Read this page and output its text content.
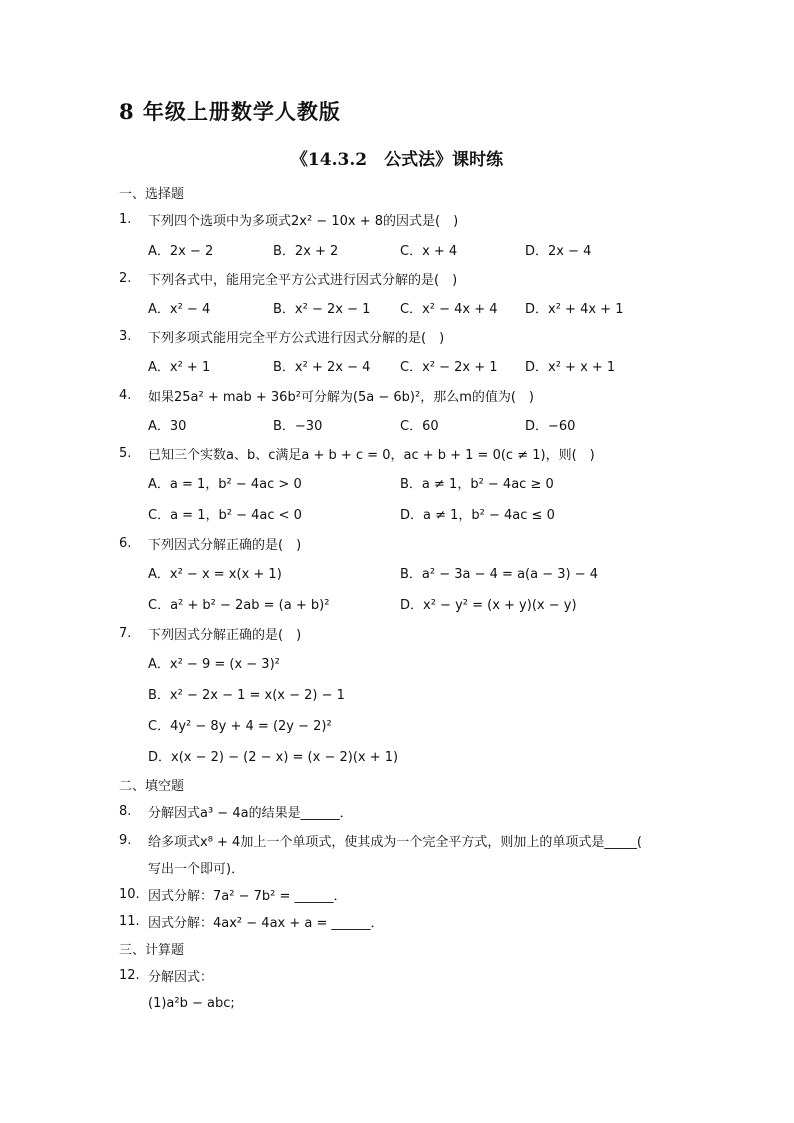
8 年级上册数学人教版
《14.3.2　公式法》课时练
一、选择题
1. 下列四个选项中为多项式2x² − 10x + 8的因式是(　)
A．2x − 2	B．2x + 2	C．x + 4	D．2x − 4
2. 下列各式中，能用完全平方公式进行因式分解的是(　)
A．x² − 4	B．x² − 2x − 1 C．x² − 4x + 4 D．x² + 4x + 1
3. 下列多项式能用完全平方公式进行因式分解的是(　)
A．x² + 1	B．x² + 2x − 4 C．x² − 2x + 1 D．x² + x + 1
4. 如果25a² + mab + 36b²可分解为(5a − 6b)²，那么m的值为(　)
A．30	B．−30	C．60	D．−60
5. 已知三个实数a、b、c满足a + b + c = 0，ac + b + 1 = 0(c ≠ 1)，则(　)
A．a = 1，b² − 4ac > 0	B．a ≠ 1，b² − 4ac ≥ 0
C．a = 1，b² − 4ac < 0	D．a ≠ 1，b² − 4ac ≤ 0
6. 下列因式分解正确的是(　)
A．x² − x = x(x + 1)	B．a² − 3a − 4 = a(a − 3) − 4
C．a² + b² − 2ab = (a + b)²	D．x² − y² = (x + y)(x − y)
7. 下列因式分解正确的是(　)
A．x² − 9 = (x − 3)²
B．x² − 2x − 1 = x(x − 2) − 1
C．4y² − 8y + 4 = (2y − 2)²
D．x(x − 2) − (2 − x) = (x − 2)(x + 1)
二、填空题
8. 分解因式a³ − 4a的结果是______．
9. 给多项式x⁸ + 4加上一个单项式，使其成为一个完全平方式，则加上的单项式是_____(
写出一个即可)．
10. 因式分解：7a² − 7b² = ______．
11. 因式分解：4ax² − 4ax + a = ______．
三、计算题
12. 分解因式：
(1)a²b − abc;
